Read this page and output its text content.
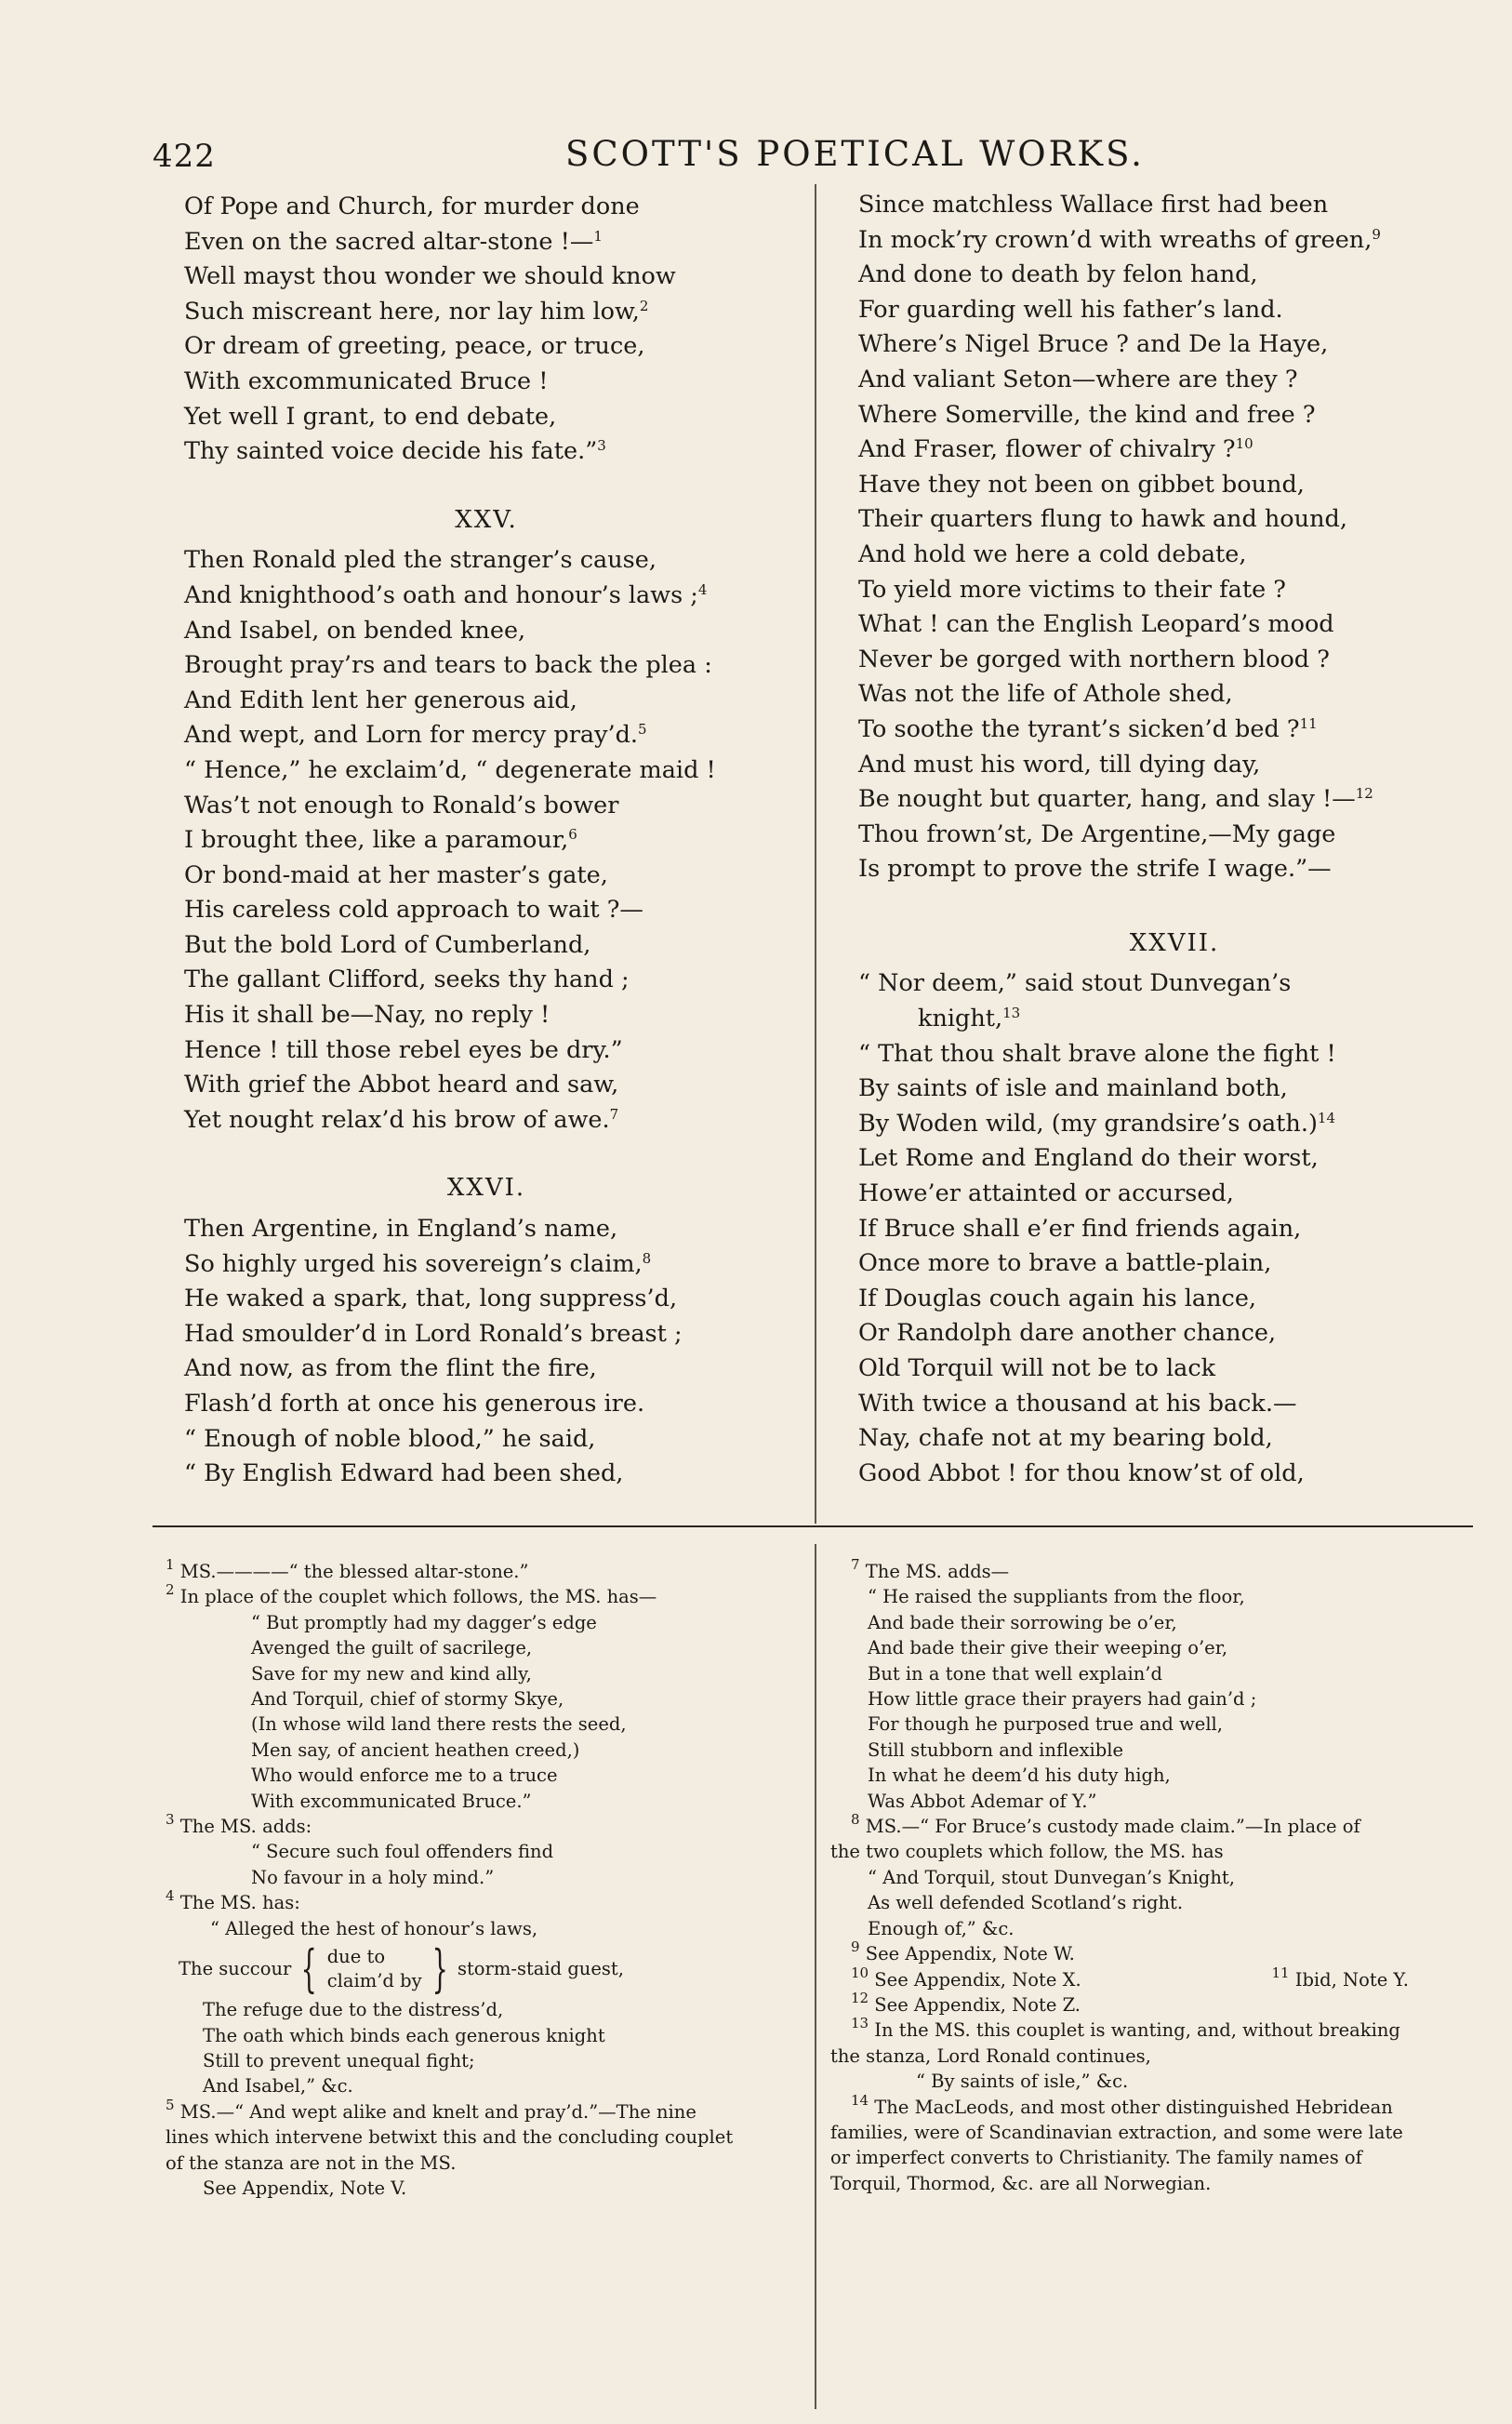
422	SCOTT'S POETICAL WORKS.
Of Pope and Church, for murder done
Even on the sacred altar-stone !—$^1$
Well mayst thou wonder we should know
Such miscreant here, nor lay him low,$^2$
Or dream of greeting, peace, or truce,
With excommunicated Bruce !
Yet well I grant, to end debate,
Thy sainted voice decide his fate.”$^3$
XXV.
Then Ronald pled the stranger’s cause,
And knighthood’s oath and honour’s laws ;$^4$
And Isabel, on bended knee,
Brought pray’rs and tears to back the plea :
And Edith lent her generous aid,
And wept, and Lorn for mercy pray’d.$^5$
“ Hence,” he exclaim’d, “ degenerate maid !
Was’t not enough to Ronald’s bower
I brought thee, like a paramour,$^6$
Or bond-maid at her master’s gate,
His careless cold approach to wait ?—
But the bold Lord of Cumberland,
The gallant Clifford, seeks thy hand ;
His it shall be—Nay, no reply !
Hence ! till those rebel eyes be dry.”
With grief the Abbot heard and saw,
Yet nought relax’d his brow of awe.$^7$
XXVI.
Then Argentine, in England’s name,
So highly urged his sovereign’s claim,$^8$
He waked a spark, that, long suppress’d,
Had smoulder’d in Lord Ronald’s breast ;
And now, as from the flint the fire,
Flash’d forth at once his generous ire.
“ Enough of noble blood,” he said,
“ By English Edward had been shed,
Since matchless Wallace first had been
In mock’ry crown’d with wreaths of green,$^9$
And done to death by felon hand,
For guarding well his father’s land.
Where’s Nigel Bruce ? and De la Haye,
And valiant Seton—where are they ?
Where Somerville, the kind and free ?
And Fraser, flower of chivalry ?$^{10}$
Have they not been on gibbet bound,
Their quarters flung to hawk and hound,
And hold we here a cold debate,
To yield more victims to their fate ?
What ! can the English Leopard’s mood
Never be gorged with northern blood ?
Was not the life of Athole shed,
To soothe the tyrant’s sicken’d bed ?$^{11}$
And must his word, till dying day,
Be nought but quarter, hang, and slay !—$^{12}$
Thou frown’st, De Argentine,—My gage
Is prompt to prove the strife I wage.”—
XXVII.
“ Nor deem,” said stout Dunvegan’s
knight,$^{13}$
“ That thou shalt brave alone the fight !
By saints of isle and mainland both,
By Woden wild, (my grandsire’s oath.)$^{14}$
Let Rome and England do their worst,
Howe’er attainted or accursed,
If Bruce shall e’er find friends again,
Once more to brave a battle-plain,
If Douglas couch again his lance,
Or Randolph dare another chance,
Old Torquil will not be to lack
With twice a thousand at his back.—
Nay, chafe not at my bearing bold,
Good Abbot ! for thou know’st of old,
$^1$ MS.————“ the blessed altar-stone.”
$^2$ In place of the couplet which follows, the MS. has—
“ But promptly had my dagger’s edge
Avenged the guilt of sacrilege,
Save for my new and kind ally,
And Torquil, chief of stormy Skye,
(In whose wild land there rests the seed,
Men say, of ancient heathen creed,)
Who would enforce me to a truce
With excommunicated Bruce.”
$^3$ The MS. adds:
“ Secure such foul offenders find
No favour in a holy mind.”
$^4$ The MS. has:
“ Alleged the hest of honour’s laws,
The succour { due to
claim’d by } storm-staid guest,
The refuge due to the distress’d,
The oath which binds each generous knight
Still to prevent unequal fight;
And Isabel,” &c.
$^5$ MS.—“ And wept alike and knelt and pray’d.”—The nine
lines which intervene betwixt this and the concluding couplet
of the stanza are not in the MS.
See Appendix, Note V.
$^7$ The MS. adds—
“ He raised the suppliants from the floor,
And bade their sorrowing be o’er,
And bade their give their weeping o’er,
But in a tone that well explain’d
How little grace their prayers had gain’d ;
For though he purposed true and well,
Still stubborn and inflexible
In what he deem’d his duty high,
Was Abbot Ademar of Y.”
$^8$ MS.—“ For Bruce’s custody made claim.”—In place of
the two couplets which follow, the MS. has
“ And Torquil, stout Dunvegan’s Knight,
As well defended Scotland’s right.
Enough of,” &c.
$^9$ See Appendix, Note W.
$^{10}$ See Appendix, Note X.	$^{11}$ Ibid, Note Y.
$^{12}$ See Appendix, Note Z.
$^{13}$ In the MS. this couplet is wanting, and, without breaking
the stanza, Lord Ronald continues,
“ By saints of isle,” &c.
$^{14}$ The MacLeods, and most other distinguished Hebridean
families, were of Scandinavian extraction, and some were late
or imperfect converts to Christianity. The family names of
Torquil, Thormod, &c. are all Norwegian.
